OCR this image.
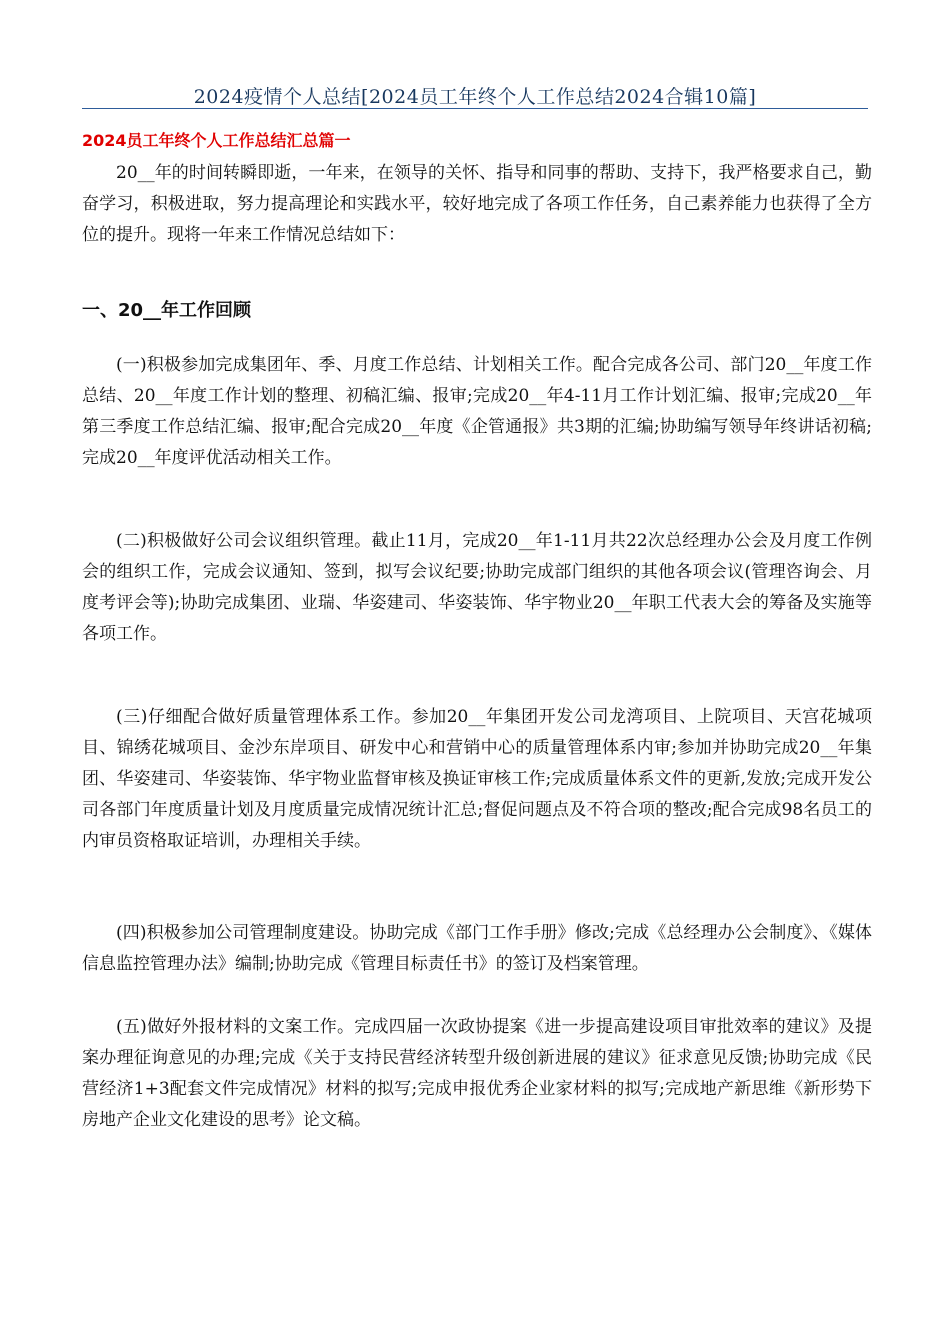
2024疫情个人总结[2024员工年终个人工作总结2024合辑10篇]
2024员工年终个人工作总结汇总篇一

20__年的时间转瞬即逝，一年来，在领导的关怀、指导和同事的帮助、支持下，我严格要求自己，勤奋学习，积极进取，努力提高理论和实践水平，较好地完成了各项工作任务，自己素养能力也获得了全方位的提升。现将一年来工作情况总结如下：

一、20__年工作回顾

(一)积极参加完成集团年、季、月度工作总结、计划相关工作。配合完成各公司、部门20__年度工作总结、20__年度工作计划的整理、初稿汇编、报审;完成20__年4-11月工作计划汇编、报审;完成20__年第三季度工作总结汇编、报审;配合完成20__年度《企管通报》共3期的汇编;协助编写领导年终讲话初稿;完成20__年度评优活动相关工作。

(二)积极做好公司会议组织管理。截止11月，完成20__年1-11月共22次总经理办公会及月度工作例会的组织工作，完成会议通知、签到，拟写会议纪要;协助完成部门组织的其他各项会议(管理咨询会、月度考评会等);协助完成集团、业瑞、华姿建司、华姿装饰、华宇物业20__年职工代表大会的筹备及实施等各项工作。

(三)仔细配合做好质量管理体系工作。参加20__年集团开发公司龙湾项目、上院项目、天宫花城项目、锦绣花城项目、金沙东岸项目、研发中心和营销中心的质量管理体系内审;参加并协助完成20__年集团、华姿建司、华姿装饰、华宇物业监督审核及换证审核工作;完成质量体系文件的更新,发放;完成开发公司各部门年度质量计划及月度质量完成情况统计汇总;督促问题点及不符合项的整改;配合完成98名员工的内审员资格取证培训，办理相关手续。

(四)积极参加公司管理制度建设。协助完成《部门工作手册》修改;完成《总经理办公会制度》、《媒体信息监控管理办法》编制;协助完成《管理目标责任书》的签订及档案管理。

(五)做好外报材料的文案工作。完成四届一次政协提案《进一步提高建设项目审批效率的建议》及提案办理征询意见的办理;完成《关于支持民营经济转型升级创新进展的建议》征求意见反馈;协助完成《民营经济1+3配套文件完成情况》材料的拟写;完成申报优秀企业家材料的拟写;完成地产新思维《新形势下房地产企业文化建设的思考》论文稿。
